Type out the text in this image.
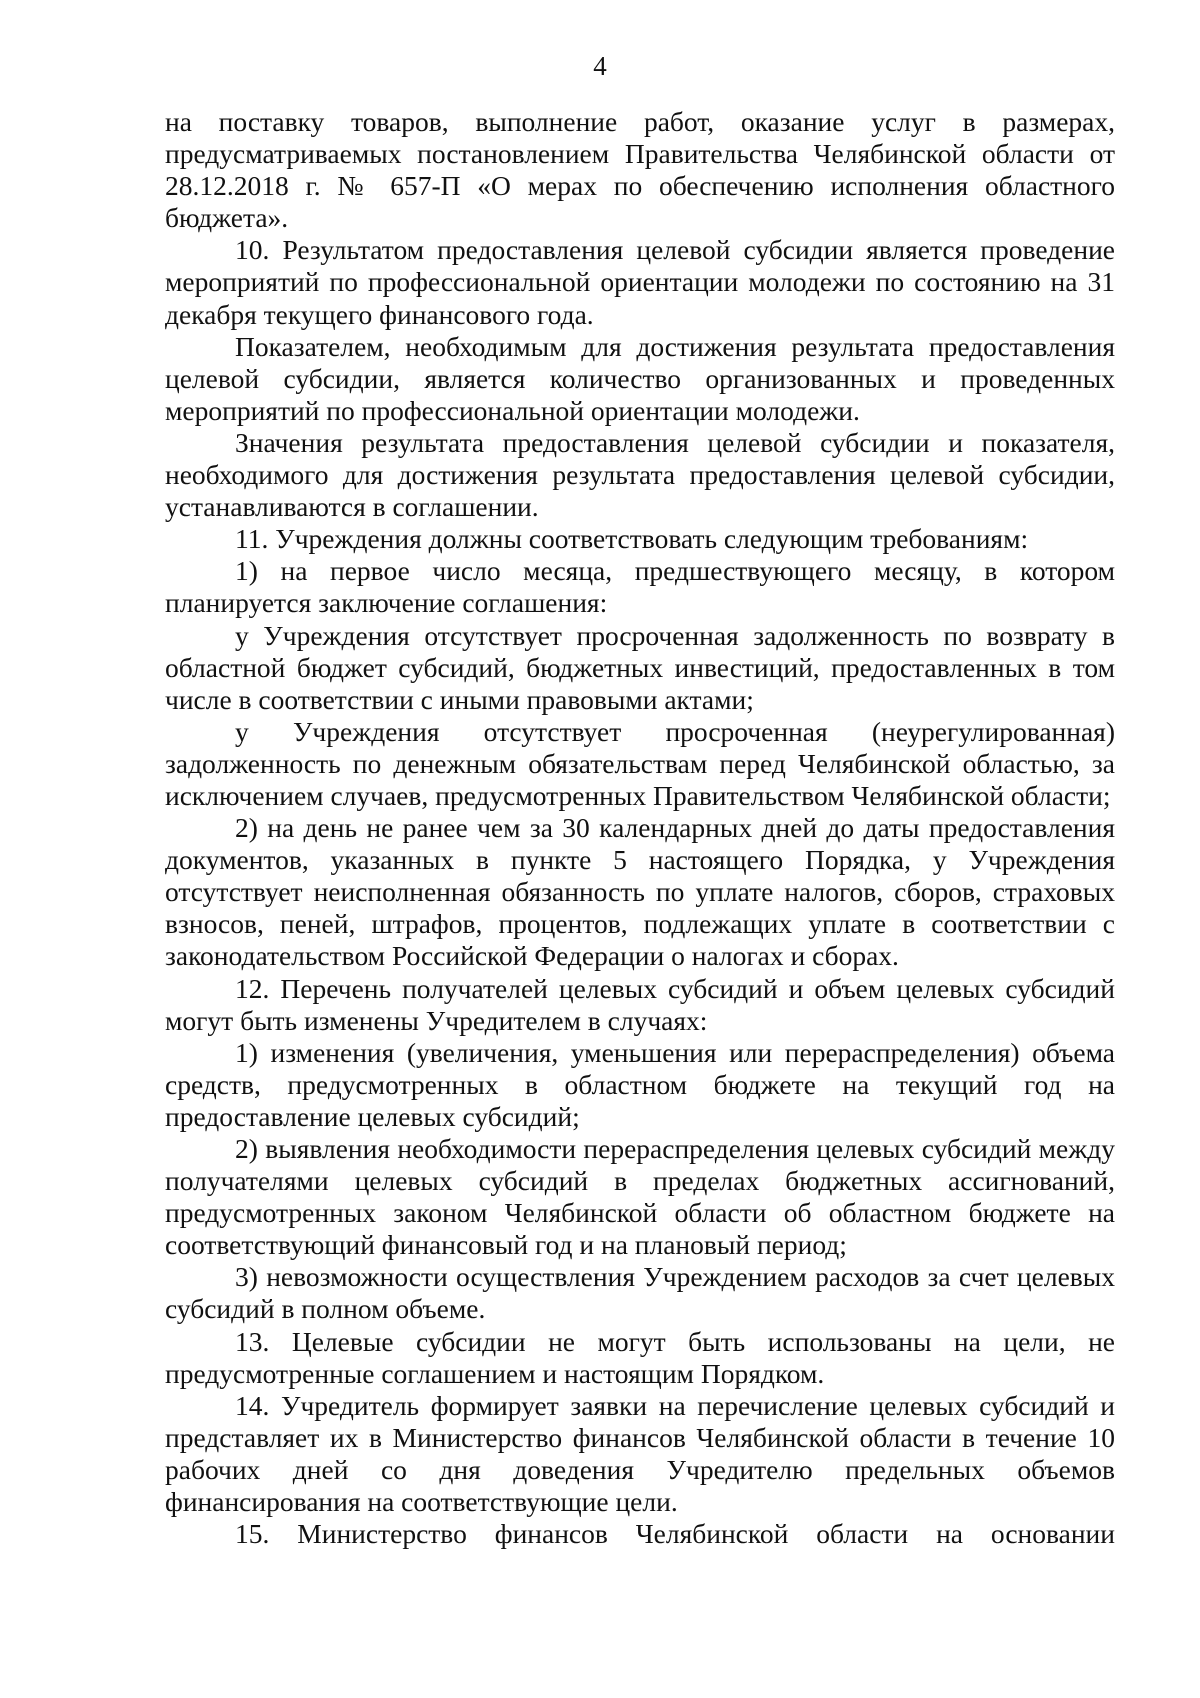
4

на поставку товаров, выполнение работ, оказание услуг в размерах, предусматриваемых постановлением Правительства Челябинской области от 28.12.2018 г. № 657-П «О мерах по обеспечению исполнения областного бюджета».

10. Результатом предоставления целевой субсидии является проведение мероприятий по профессиональной ориентации молодежи по состоянию на 31 декабря текущего финансового года.

Показателем, необходимым для достижения результата предоставления целевой субсидии, является количество организованных и проведенных мероприятий по профессиональной ориентации молодежи.

Значения результата предоставления целевой субсидии и показателя, необходимого для достижения результата предоставления целевой субсидии, устанавливаются в соглашении.

11. Учреждения должны соответствовать следующим требованиям:

1) на первое число месяца, предшествующего месяцу, в котором планируется заключение соглашения:

у Учреждения отсутствует просроченная задолженность по возврату в областной бюджет субсидий, бюджетных инвестиций, предоставленных в том числе в соответствии с иными правовыми актами;

у Учреждения отсутствует просроченная (неурегулированная) задолженность по денежным обязательствам перед Челябинской областью, за исключением случаев, предусмотренных Правительством Челябинской области;

2) на день не ранее чем за 30 календарных дней до даты предоставления документов, указанных в пункте 5 настоящего Порядка, у Учреждения отсутствует неисполненная обязанность по уплате налогов, сборов, страховых взносов, пеней, штрафов, процентов, подлежащих уплате в соответствии с законодательством Российской Федерации о налогах и сборах.

12. Перечень получателей целевых субсидий и объем целевых субсидий могут быть изменены Учредителем в случаях:

1) изменения (увеличения, уменьшения или перераспределения) объема средств, предусмотренных в областном бюджете на текущий год на предоставление целевых субсидий;

2) выявления необходимости перераспределения целевых субсидий между получателями целевых субсидий в пределах бюджетных ассигнований, предусмотренных законом Челябинской области об областном бюджете на соответствующий финансовый год и на плановый период;

3) невозможности осуществления Учреждением расходов за счет целевых субсидий в полном объеме.

13. Целевые субсидии не могут быть использованы на цели, не предусмотренные соглашением и настоящим Порядком.

14. Учредитель формирует заявки на перечисление целевых субсидий и представляет их в Министерство финансов Челябинской области в течение 10 рабочих дней со дня доведения Учредителю предельных объемов финансирования на соответствующие цели.

15. Министерство финансов Челябинской области на основании
